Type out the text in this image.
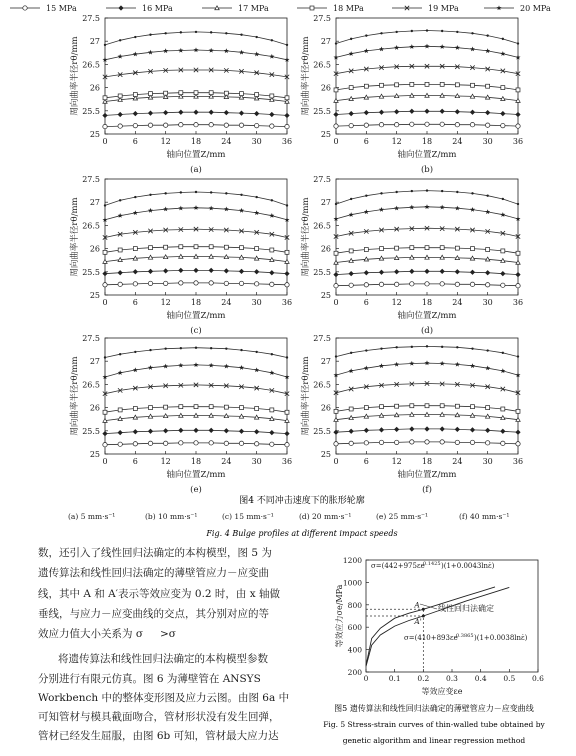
15 MPa	16 MPa	17 MPa	18 MPa	19 MPa	20 MPa
25
25.5
26
26.5
27
27.5
0	6	12	18	24	30	36
轴向位置Z/mm
周向曲率半径rθ/mm
(a)
25
25.5
26
26.5
27
27.5
0	6	12	18	24	30	36
轴向位置Z/mm
周向曲率半径rθ/mm
(b)
25
25.5
26
26.5
27
27.5
0	6	12	18	24	30	36
轴向位置Z/mm
周向曲率半径rθ/mm
(c)
25
25.5
26
26.5
27
27.5
0	6	12	18	24	30	36
轴向位置Z/mm
周向曲率半径rθ/mm
(d)
25
25.5
26
26.5
27
27.5
0	6	12	18	24	30	36
轴向位置Z/mm
周向曲率半径rθ/mm
(e)
25
25.5
26
26.5
27
27.5
0	6	12	18	24	30	36
轴向位置Z/mm
周向曲率半径rθ/mm
(f)
图4 不同冲击速度下的胀形轮廓
(a) 5 mm·s⁻¹	(b) 10 mm·s⁻¹	(c) 15 mm·s⁻¹	(d) 20 mm·s⁻¹	(e) 25 mm·s⁻¹	(f) 40 mm·s⁻¹
Fig. 4 Bulge profiles at different impact speeds
数，还引入了线性回归法确定的本构模型，图 5 为
遗传算法和线性回归法确定的薄壁管应力－应变曲
线，其中 A 和 A′表示等效应变为 0.2 时，由 x 轴做
垂线，与应力－应变曲线的交点，其分别对应的等
效应力值大小关系为 σ
将遗传算法和线性回归法确定的本构模型参数
分别进行有限元仿真。图 6 为薄壁管在 ANSYS
Workbench 中的整体变形图及应力云图。由图 6a 中
可知管材与模具截面吻合，管材形状没有发生回弹，
管材已经发生屈服，由图 6b 可知，管材最大应力达
>σ
200
400
600
800
1000
1200
0	0.1 0.2 0.3 0.4 0.5 0.6
A
A'
σ=(442+975εe
0.1425 )(1+0.0043lnε̇)
线性回归法确定
σ=(410+893εe
0.3865 )(1+0.0038lnε̇)
等效应变εe
等效应力σe/MPa
图5 遗传算法和线性回归法确定的薄壁管应力－应变曲线
Fig. 5 Stress-strain curves of thin-walled tube obtained by
genetic algorithm and linear regression method
